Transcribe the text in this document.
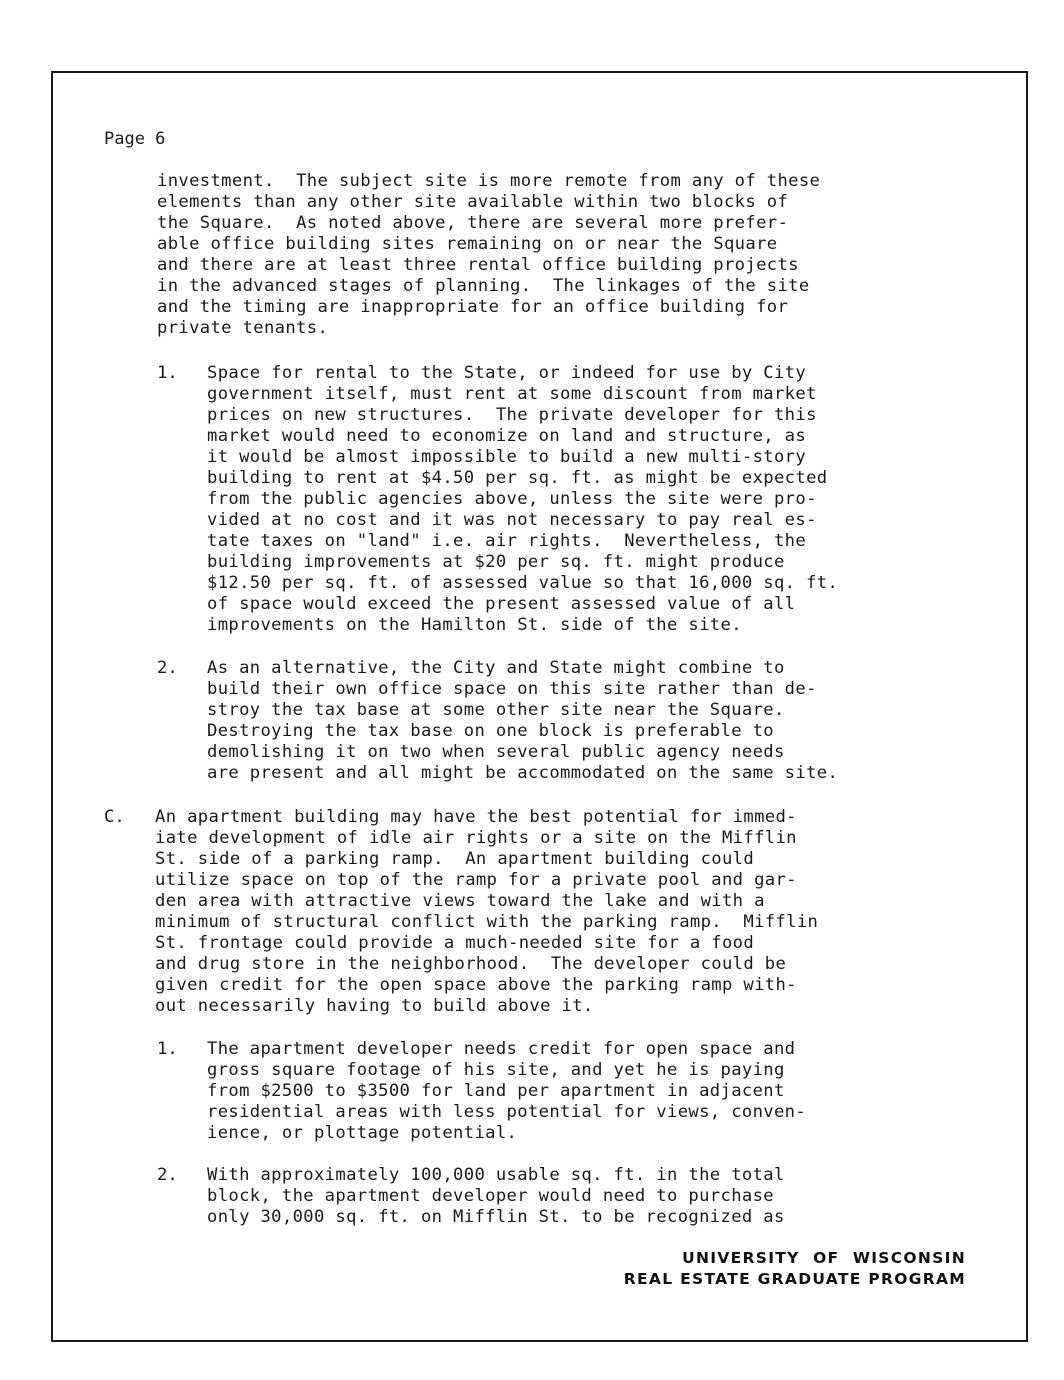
Page 6
investment.  The subject site is more remote from any of these
elements than any other site available within two blocks of
the Square.  As noted above, there are several more prefer-
able office building sites remaining on or near the Square
and there are at least three rental office building projects
in the advanced stages of planning.  The linkages of the site
and the timing are inappropriate for an office building for
private tenants.
1. Space for rental to the State, or indeed for use by City
government itself, must rent at some discount from market
prices on new structures.  The private developer for this
market would need to economize on land and structure, as
it would be almost impossible to build a new multi-story
building to rent at $4.50 per sq. ft. as might be expected
from the public agencies above, unless the site were pro-
vided at no cost and it was not necessary to pay real es-
tate taxes on "land" i.e. air rights.  Nevertheless, the
building improvements at $20 per sq. ft. might produce
$12.50 per sq. ft. of assessed value so that 16,000 sq. ft.
of space would exceed the present assessed value of all
improvements on the Hamilton St. side of the site.
2. As an alternative, the City and State might combine to
build their own office space on this site rather than de-
stroy the tax base at some other site near the Square.
Destroying the tax base on one block is preferable to
demolishing it on two when several public agency needs
are present and all might be accommodated on the same site.
C. An apartment building may have the best potential for immed-
iate development of idle air rights or a site on the Mifflin
St. side of a parking ramp.  An apartment building could
utilize space on top of the ramp for a private pool and gar-
den area with attractive views toward the lake and with a
minimum of structural conflict with the parking ramp.  Mifflin
St. frontage could provide a much-needed site for a food
and drug store in the neighborhood.  The developer could be
given credit for the open space above the parking ramp with-
out necessarily having to build above it.
1. The apartment developer needs credit for open space and
gross square footage of his site, and yet he is paying
from $2500 to $3500 for land per apartment in adjacent
residential areas with less potential for views, conven-
ience, or plottage potential.
2. With approximately 100,000 usable sq. ft. in the total
block, the apartment developer would need to purchase
only 30,000 sq. ft. on Mifflin St. to be recognized as
UNIVERSITY  OF  WISCONSIN
REAL ESTATE GRADUATE PROGRAM
